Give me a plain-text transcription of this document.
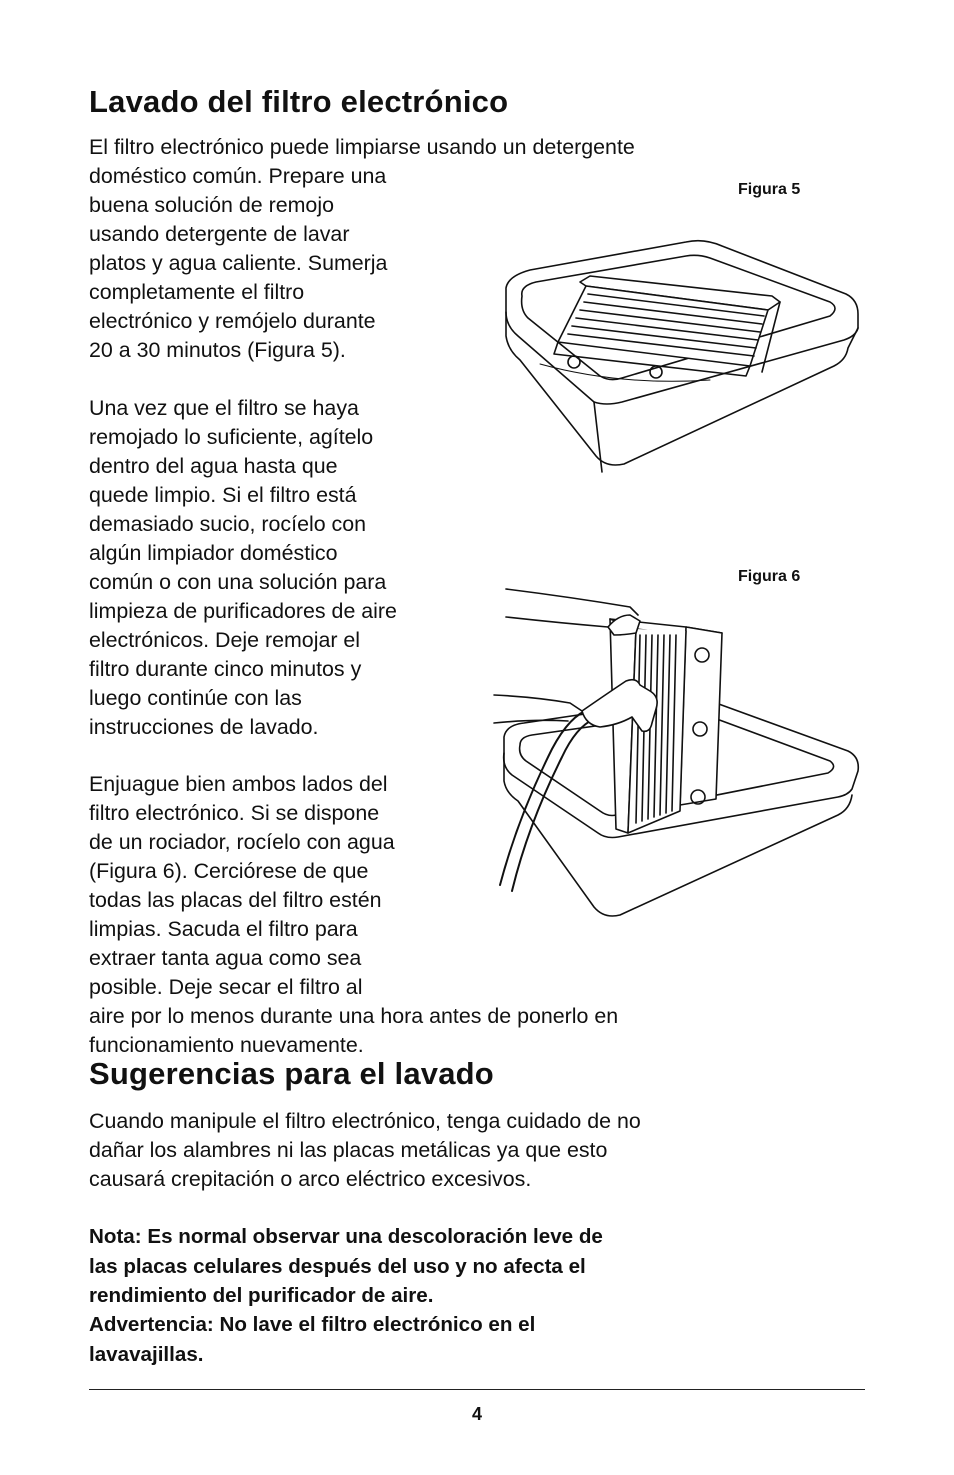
Lavado del filtro electrónico

El filtro electrónico puede limpiarse usando un detergente
doméstico común. Prepare una
buena solución de remojo
usando detergente de lavar
platos y agua caliente. Sumerja
completamente el filtro
electrónico y remójelo durante
20 a 30 minutos (Figura 5).

Una vez que el filtro se haya
remojado lo suficiente, agítelo
dentro del agua hasta que
quede limpio. Si el filtro está
demasiado sucio, rocíelo con
algún limpiador doméstico
común o con una solución para
limpieza de purificadores de aire
electrónicos. Deje remojar el
filtro durante cinco minutos y
luego continúe con las
instrucciones de lavado.

Enjuague bien ambos lados del
filtro electrónico. Si se dispone
de un rociador, rocíelo con agua
(Figura 6). Cerciórese de que
todas las placas del filtro estén
limpias. Sacuda el filtro para
extraer tanta agua como sea
posible. Deje secar el filtro al
aire por lo menos durante una hora antes de ponerlo en
funcionamiento nuevamente.

Figura 5
Figura 6
Sugerencias para el lavado

Cuando manipule el filtro electrónico, tenga cuidado de no
dañar los alambres ni las placas metálicas ya que esto
causará crepitación o arco eléctrico excesivos.

Nota: Es normal observar una descoloración leve de
las placas celulares después del uso y no afecta el
rendimiento del purificador de aire.

Advertencia: No lave el filtro electrónico en el
lavavajillas.

4
